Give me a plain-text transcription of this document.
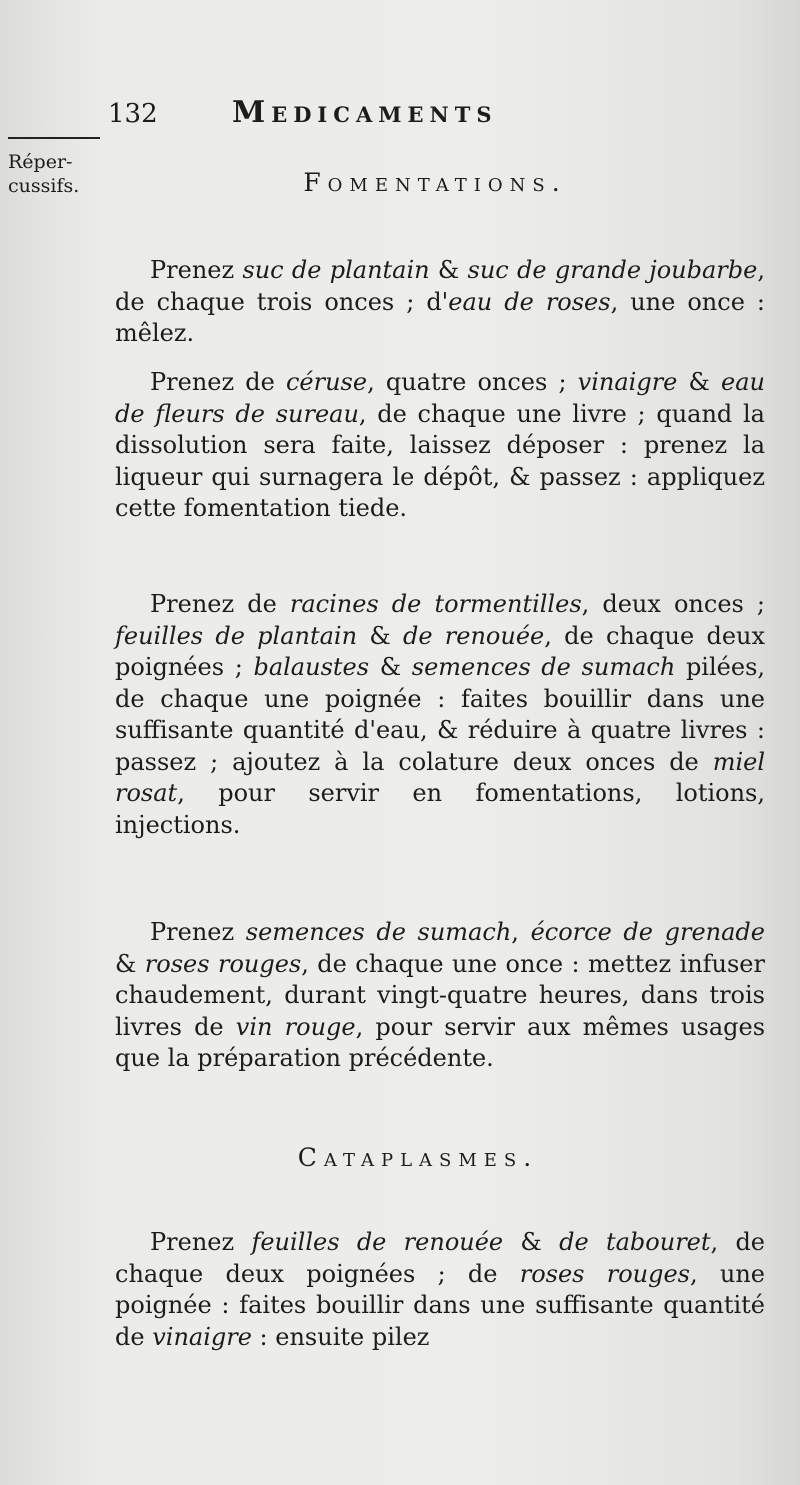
132 Medicaments
Réper-
cussifs.	Fomentations.

Prenez suc de plantain & suc de grande joubarbe, de chaque trois onces ; d'eau de roses, une once : mêlez.

Prenez de céruse, quatre onces ; vinaigre & eau de fleurs de sureau, de chaque une livre ; quand la dissolution sera faite, laissez déposer : prenez la liqueur qui surnagera le dépôt, & passez : appliquez cette fomentation tiede.

Prenez de racines de tormentilles, deux onces ; feuilles de plantain & de renouée, de chaque deux poignées ; balaustes & semences de sumach pilées, de chaque une poignée : faites bouillir dans une suffisante quantité d'eau, & réduire à quatre livres : passez ; ajoutez à la colature deux onces de miel rosat, pour servir en fomentations, lotions, injections.

Prenez semences de sumach, écorce de grenade & roses rouges, de chaque une once : mettez infuser chaudement, durant vingt-quatre heures, dans trois livres de vin rouge, pour servir aux mêmes usages que la préparation précédente.

Cataplasmes.

Prenez feuilles de renouée & de tabouret, de chaque deux poignées ; de roses rouges, une poignée : faites bouillir dans une suffisante quantité de vinaigre : ensuite pilez
